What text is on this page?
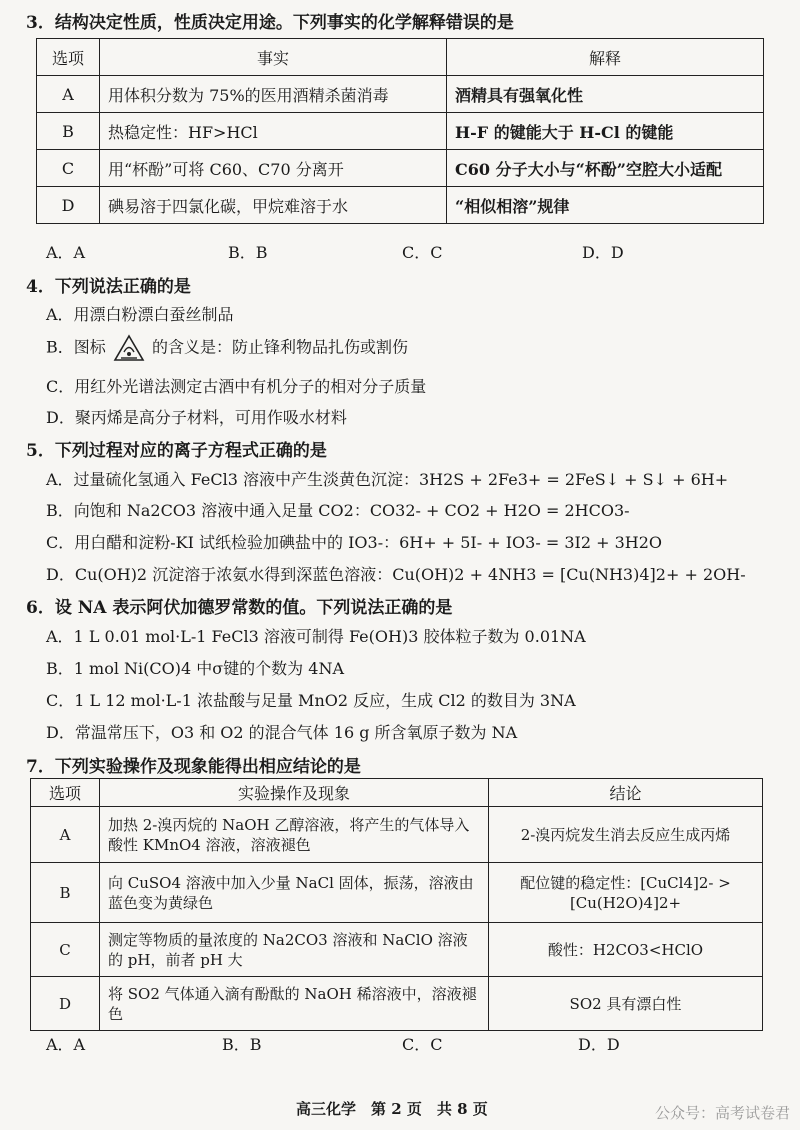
3．结构决定性质，性质决定用途。下列事实的化学解释错误的是
选项	事实	解释
A	用体积分数为 75%的医用酒精杀菌消毒	酒精具有强氧化性
B	热稳定性：HF>HCl	H-F 的键能大于 H-Cl 的键能
C	用“杯酚”可将 C60、C70 分离开	C60 分子大小与“杯酚”空腔大小适配
D	碘易溶于四氯化碳，甲烷难溶于水	“相似相溶”规律
A．A	B．B	C．C	D．D
4．下列说法正确的是
A．用漂白粉漂白蚕丝制品
B．图标	的含义是：防止锋利物品扎伤或割伤
C．用红外光谱法测定古酒中有机分子的相对分子质量
D．聚丙烯是高分子材料，可用作吸水材料
5．下列过程对应的离子方程式正确的是
A．过量硫化氢通入 FeCl3 溶液中产生淡黄色沉淀：3H2S + 2Fe3+ = 2FeS↓ + S↓ + 6H+
B．向饱和 Na2CO3 溶液中通入足量 CO2：CO32- + CO2 + H2O = 2HCO3-
C．用白醋和淀粉-KI 试纸检验加碘盐中的 IO3-：6H+ + 5I- + IO3- = 3I2 + 3H2O
D．Cu(OH)2 沉淀溶于浓氨水得到深蓝色溶液：Cu(OH)2 + 4NH3 = [Cu(NH3)4]2+ + 2OH-
6．设 NA 表示阿伏加德罗常数的值。下列说法正确的是
A．1 L 0.01 mol·L-1 FeCl3 溶液可制得 Fe(OH)3 胶体粒子数为 0.01NA
B．1 mol Ni(CO)4 中σ键的个数为 4NA
C．1 L 12 mol·L-1 浓盐酸与足量 MnO2 反应，生成 Cl2 的数目为 3NA
D．常温常压下，O3 和 O2 的混合气体 16 g 所含氧原子数为 NA
7．下列实验操作及现象能得出相应结论的是
选项	实验操作及现象	结论
A	加热 2-溴丙烷的 NaOH 乙醇溶液，将产生的气体导入酸性 KMnO4 溶液，溶液褪色	2-溴丙烷发生消去反应生成丙烯
B	向 CuSO4 溶液中加入少量 NaCl 固体，振荡，溶液由蓝色变为黄绿色	配位键的稳定性：[CuCl4]2- > [Cu(H2O)4]2+
C	测定等物质的量浓度的 Na2CO3 溶液和 NaClO 溶液的 pH，前者 pH 大	酸性：H2CO3<HClO
D	将 SO2 气体通入滴有酚酞的 NaOH 稀溶液中，溶液褪色	SO2 具有漂白性
A．A	B．B	C．C	D．D
高三化学　第 2 页　共 8 页	公众号：高考试卷君
